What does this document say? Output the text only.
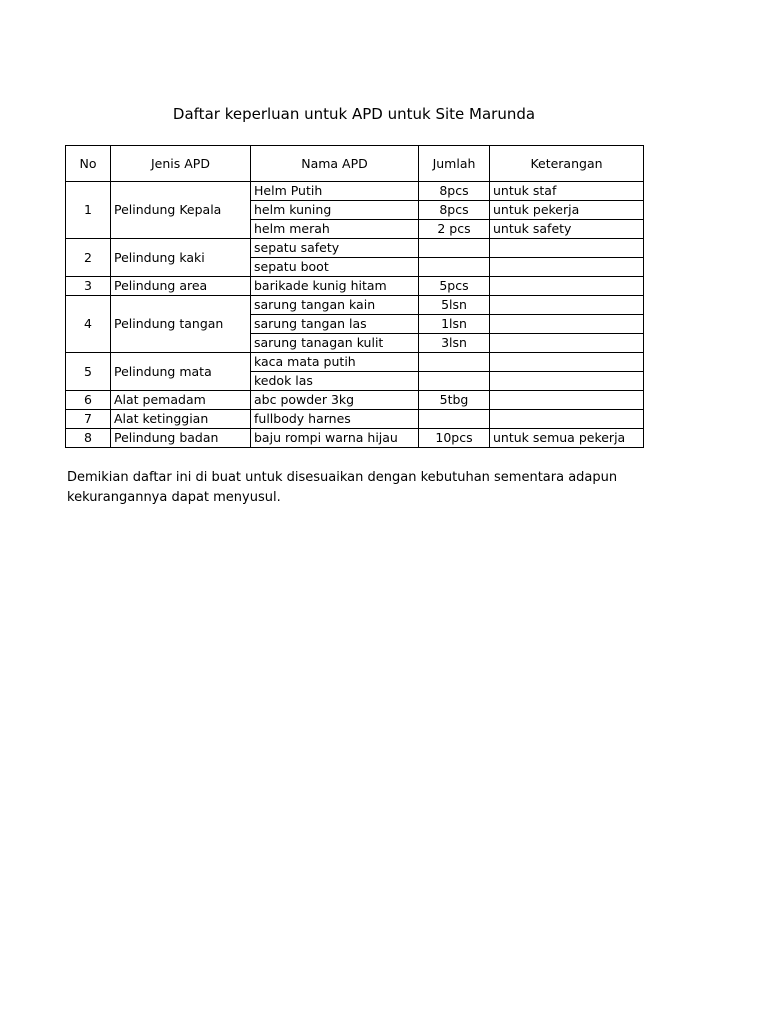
Daftar keperluan untuk APD untuk Site Marunda
No	Jenis APD	Nama APD	Jumlah	Keterangan
1	Pelindung Kepala	Helm Putih	8pcs	untuk staf
		helm kuning	8pcs	untuk pekerja
		helm merah	2 pcs	untuk safety
2	Pelindung kaki	sepatu safety		
		sepatu boot		
3	Pelindung area	barikade kunig hitam	5pcs	
4	Pelindung tangan	sarung tangan kain	5lsn	
		sarung tangan las	1lsn	
		sarung tanagan kulit	3lsn	
5	Pelindung mata	kaca mata putih		
		kedok las		
6	Alat pemadam	abc powder 3kg	5tbg	
7	Alat ketinggian	fullbody harnes		
8	Pelindung badan	baju rompi warna hijau	10pcs	untuk semua pekerja

Demikian daftar ini di buat untuk disesuaikan dengan kebutuhan sementara adapun

kekurangannya dapat menyusul.
